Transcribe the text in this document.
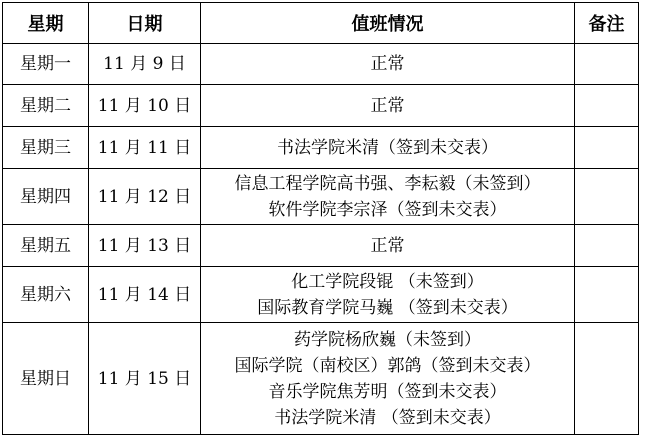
星期	日期	值班情况	备注
星期一	11 月 9 日	正常	

星期二	11 月 10 日	正常	

星期三	11 月 11 日	书法学院米清（签到未交表）	

星期四	11 月 12 日	信息工程学院高书强、李耘毅（未签到）
软件学院李宗泽（签到未交表）	

星期五	11 月 13 日	正常	

星期六	11 月 14 日	化工学院段锟 （未签到）
国际教育学院马巍 （签到未交表）	

星期日	11 月 15 日	药学院杨欣巍（未签到）
国际学院（南校区）郭鸽（签到未交表）
音乐学院焦芳明（签到未交表）
书法学院米清 （签到未交表）	
